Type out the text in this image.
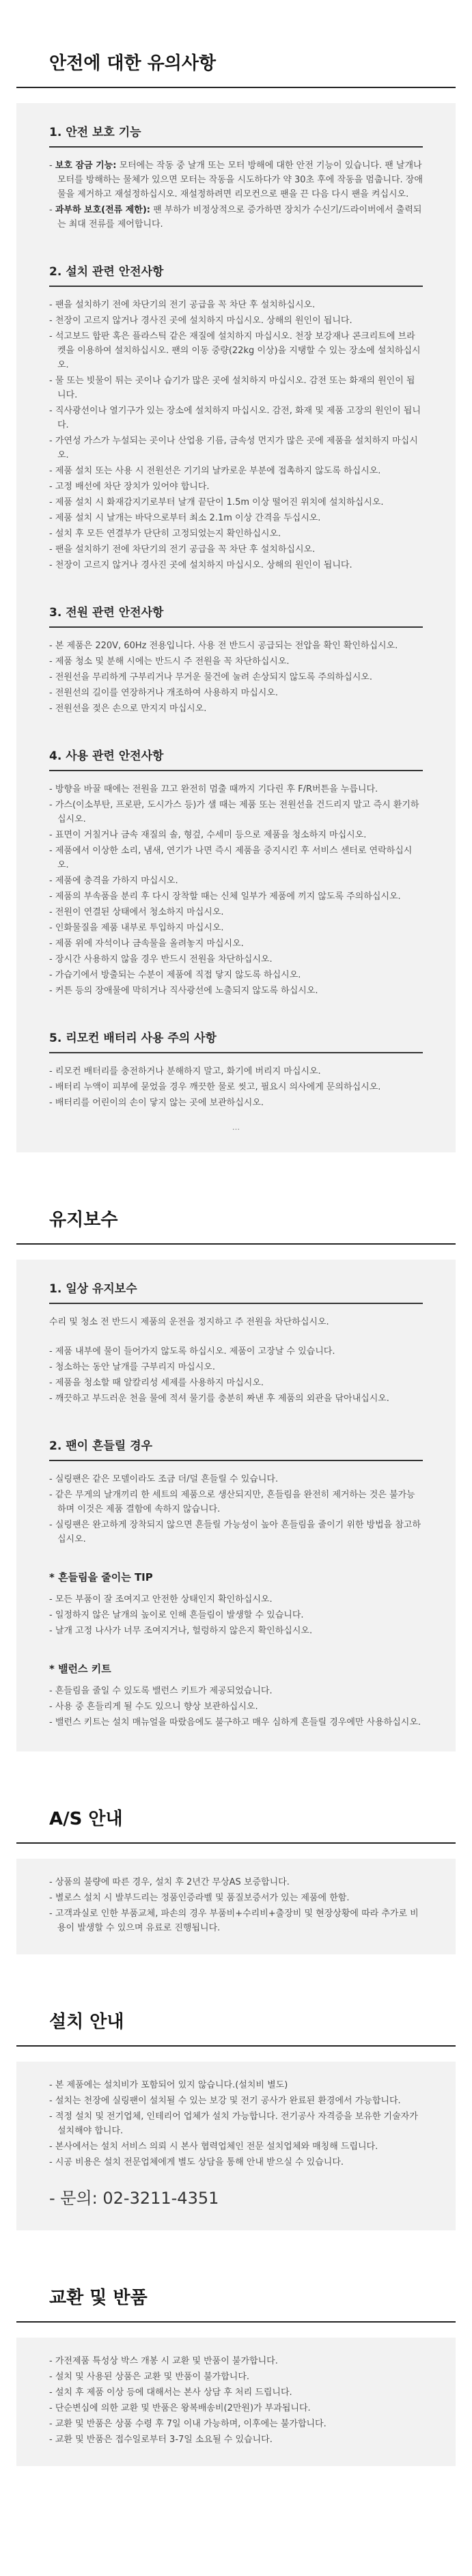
안전에 대한 유의사항
1. 안전 보호 기능
- 보호 잠금 기능: 모터에는 작동 중 날개 또는 모터 방해에 대한 안전 기능이 있습니다. 팬 날개나 모터를 방해하는 물체가 있으면 모터는 작동을 시도하다가 약 30초 후에 작동을 멈춥니다. 장애물을 제거하고 재설정하십시오. 재설정하려면 리모컨으로 팬을 끈 다음 다시 팬을 켜십시오.
- 과부하 보호(전류 제한): 팬 부하가 비정상적으로 증가하면 장치가 수신기/드라이버에서 출력되는 최대 전류를 제어합니다.
2. 설치 관련 안전사항
- 팬을 설치하기 전에 차단기의 전기 공급을 꼭 차단 후 설치하십시오.
- 천장이 고르지 않거나 경사진 곳에 설치하지 마십시오. 상해의 원인이 됩니다.
- 석고보드 합판 혹은 플라스틱 같은 재질에 설치하지 마십시오. 천장 보강재나 콘크리트에 브라켓을 이용하여 설치하십시오. 팬의 이동 중량(22kg 이상)을 지탱할 수 있는 장소에 설치하십시오.
- 물 또는 빗물이 튀는 곳이나 습기가 많은 곳에 설치하지 마십시오. 감전 또는 화재의 원인이 됩니다.
- 직사광선이나 열기구가 있는 장소에 설치하지 마십시오. 감전, 화재 및 제품 고장의 원인이 됩니다.
- 가연성 가스가 누설되는 곳이나 산업용 기름, 금속성 먼지가 많은 곳에 제품을 설치하지 마십시오.
- 제품 설치 또는 사용 시 전원선은 기기의 날카로운 부분에 접촉하지 않도록 하십시오.
- 고정 배선에 차단 장치가 있어야 합니다.
- 제품 설치 시 화재감지기로부터 날개 끝단이 1.5m 이상 떨어진 위치에 설치하십시오.
- 제품 설치 시 날개는 바닥으로부터 최소 2.1m 이상 간격을 두십시오.
- 설치 후 모든 연결부가 단단히 고정되었는지 확인하십시오.
- 팬을 설치하기 전에 차단기의 전기 공급을 꼭 차단 후 설치하십시오.
- 천장이 고르지 않거나 경사진 곳에 설치하지 마십시오. 상해의 원인이 됩니다.
3. 전원 관련 안전사항
- 본 제품은 220V, 60Hz 전용입니다. 사용 전 반드시 공급되는 전압을 확인 확인하십시오.
- 제품 청소 및 분해 시에는 반드시 주 전원을 꼭 차단하십시오.
- 전원선을 무리하게 구부리거나 무거운 물건에 눌려 손상되지 않도록 주의하십시오.
- 전원선의 길이를 연장하거나 개조하여 사용하지 마십시오.
- 전원선을 젖은 손으로 만지지 마십시오.
4. 사용 관련 안전사항
- 방향을 바꿀 때에는 전원을 끄고 완전히 멈출 때까지 기다린 후 F/R버튼을 누릅니다.
- 가스(이소부탄, 프로판, 도시가스 등)가 샐 때는 제품 또는 전원선을 건드리지 말고 즉시 환기하십시오.
- 표면이 거칠거나 금속 재질의 솔, 형겊, 수세미 등으로 제품을 청소하지 마십시오.
- 제품에서 이상한 소리, 냄새, 연기가 나면 즉시 제품을 중지시킨 후 서비스 센터로 연락하십시오.
- 제품에 충격을 가하지 마십시오.
- 제품의 부속품을 분리 후 다시 장착할 때는 신체 일부가 제품에 끼지 않도록 주의하십시오.
- 전원이 연결된 상태에서 청소하지 마십시오.
- 인화물질을 제품 내부로 투입하지 마십시오.
- 제품 위에 자석이나 금속물을 올려놓지 마십시오.
- 장시간 사용하지 않을 경우 반드시 전원을 차단하십시오.
- 가습기에서 방출되는 수분이 제품에 직접 닿지 않도록 하십시오.
- 커튼 등의 장애물에 막히거나 직사광선에 노출되지 않도록 하십시오.
5. 리모컨 배터리 사용 주의 사항
- 리모컨 배터리를 충전하거나 분해하지 말고, 화기에 버리지 마십시오.
- 배터리 누액이 피부에 묻었을 경우 깨끗한 물로 씻고, 필요시 의사에게 문의하십시오.
- 배터리를 어린이의 손이 닿지 않는 곳에 보관하십시오.
...
유지보수
1. 일상 유지보수
수리 및 청소 전 반드시 제품의 운전을 정지하고 주 전원을 차단하십시오.
- 제품 내부에 물이 들어가지 않도록 하십시오. 제품이 고장날 수 있습니다.
- 청소하는 동안 날개를 구부리지 마십시오.
- 제품을 청소할 때 알칼리성 세제를 사용하지 마십시오.
- 깨끗하고 부드러운 천을 물에 적셔 물기를 충분히 짜낸 후 제품의 외관을 닦아내십시오.
2. 팬이 흔들릴 경우
- 실링팬은 같은 모델이라도 조금 더/덜 흔들릴 수 있습니다.
- 같은 무게의 날개끼리 한 세트의 제품으로 생산되지만, 흔들림을 완전히 제거하는 것은 불가능하며 이것은 제품 결함에 속하지 않습니다.
- 실링팬은 완고하게 장착되지 않으면 흔들릴 가능성이 높아 흔들림을 줄이기 위한 방법을 참고하십시오.
* 흔들림을 줄이는 TIP
- 모든 부품이 잘 조여지고 안전한 상태인지 확인하십시오.
- 일정하지 않은 날개의 높이로 인해 흔들림이 발생할 수 있습니다.
- 날개 고정 나사가 너무 조여지거나, 헐렁하지 않은지 확인하십시오.
* 밸런스 키트
- 흔들림을 줄일 수 있도록 밸런스 키트가 제공되었습니다.
- 사용 중 흔들리게 될 수도 있으니 향상 보관하십시오.
- 밸런스 키트는 설치 매뉴얼을 따랐음에도 불구하고 매우 심하게 흔들릴 경우에만 사용하십시오.
A/S 안내
- 상품의 불량에 따른 경우, 설치 후 2년간 무상AS 보증합니다.
- 별로스 설치 시 발부드리는 정품인증라벨 및 품질보증서가 있는 제품에 한함.
- 고객과실로 인한 부품교체, 파손의 경우 부품비+수리비+출장비 및 현장상황에 따라 추가로 비용이 발생할 수 있으며 유료로 진행됩니다.
설치 안내
- 본 제품에는 설치비가 포함되어 있지 않습니다.(설치비 별도)
- 설치는 천장에 실링팬이 설치될 수 있는 보강 및 전기 공사가 완료된 환경에서 가능합니다.
- 적정 설치 및 전기업체, 인테리어 업체가 설치 가능합니다. 전기공사 자격증을 보유한 기술자가 설치해야 합니다.
- 본사에서는 설치 서비스 의뢰 시 본사 협력업체인 전문 설치업체와 매칭해 드립니다.
- 시공 비용은 설치 전문업체에게 별도 상담을 통해 안내 받으실 수 있습니다.
- 문의: 02-3211-4351
교환 및 반품
- 가전제품 특성상 박스 개봉 시 교환 및 반품이 불가합니다.
- 설치 및 사용된 상품은 교환 및 반품이 불가합니다.
- 설치 후 제품 이상 등에 대해서는 본사 상담 후 처리 드립니다.
- 단순변심에 의한 교환 및 반품은 왕복배송비(2만원)가 부과됩니다.
- 교환 및 반품은 상품 수령 후 7일 이내 가능하며, 이후에는 불가합니다.
- 교환 및 반품은 접수일로부터 3-7일 소요될 수 있습니다.
